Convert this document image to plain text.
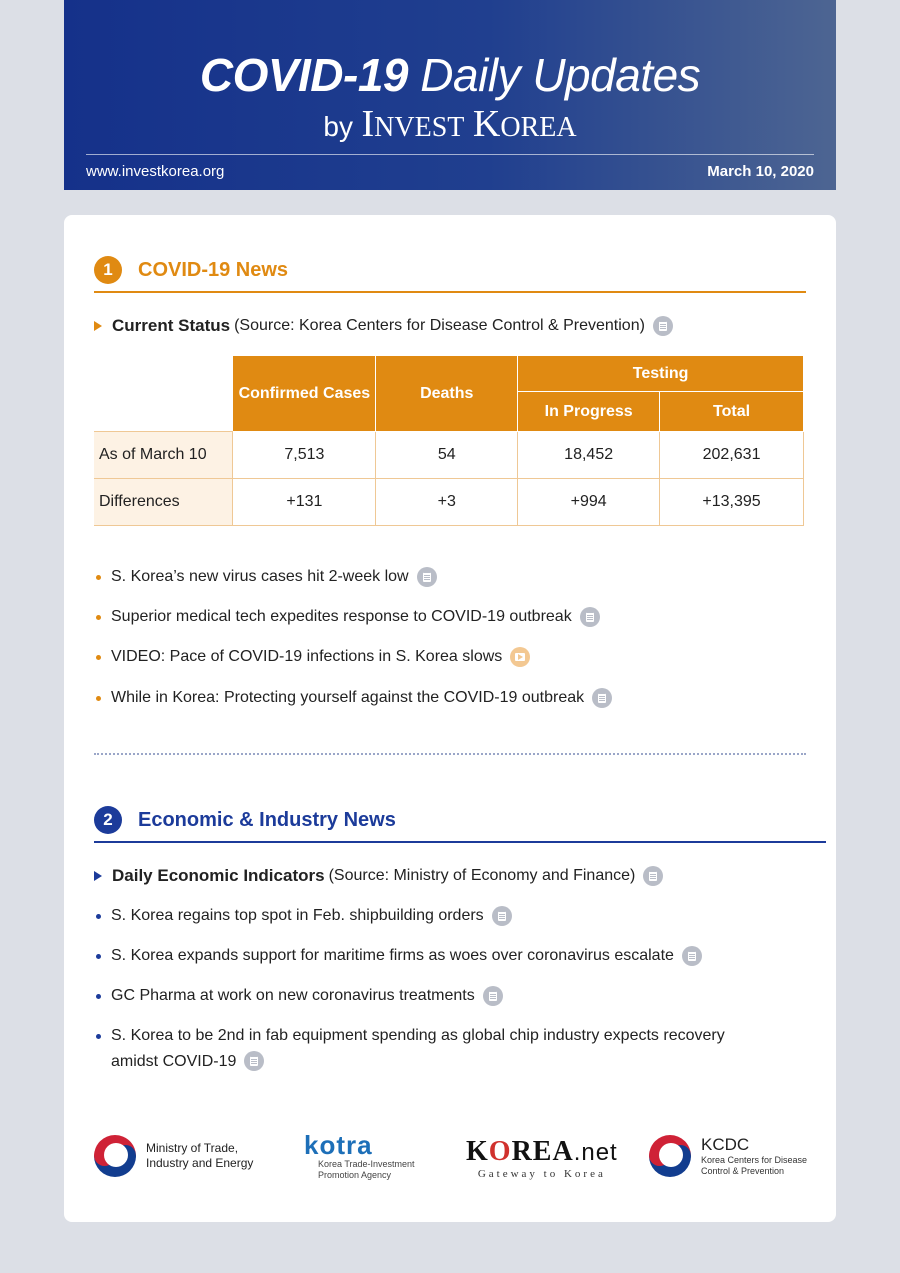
COVID-19 Daily Updates
by INVEST KOREA
www.investkorea.org	March 10, 2020
1	COVID-19 News
Current Status (Source: Korea Centers for Disease Control & Prevention)
	Confirmed Cases	Deaths	Testing	
			In Progress	Total
As of March 10	7,513	54	18,452	202,631
Differences	+131	+3	+994	+13,395
S. Korea’s new virus cases hit 2-week low
Superior medical tech expedites response to COVID-19 outbreak
VIDEO: Pace of COVID-19 infections in S. Korea slows
While in Korea: Protecting yourself against the COVID-19 outbreak
2	Economic & Industry News
Daily Economic Indicators (Source: Ministry of Economy and Finance)
S. Korea regains top spot in Feb. shipbuilding orders
S. Korea expands support for maritime firms as woes over coronavirus escalate
GC Pharma at work on new coronavirus treatments
S. Korea to be 2nd in fab equipment spending as global chip industry expects recovery amidst COVID-19
Ministry of Trade,
Industry and Energy
kotra
Korea Trade-Investment
Promotion Agency
KOREA.net
Gateway to Korea
KCDC
Korea Centers for Disease
Control & Prevention
